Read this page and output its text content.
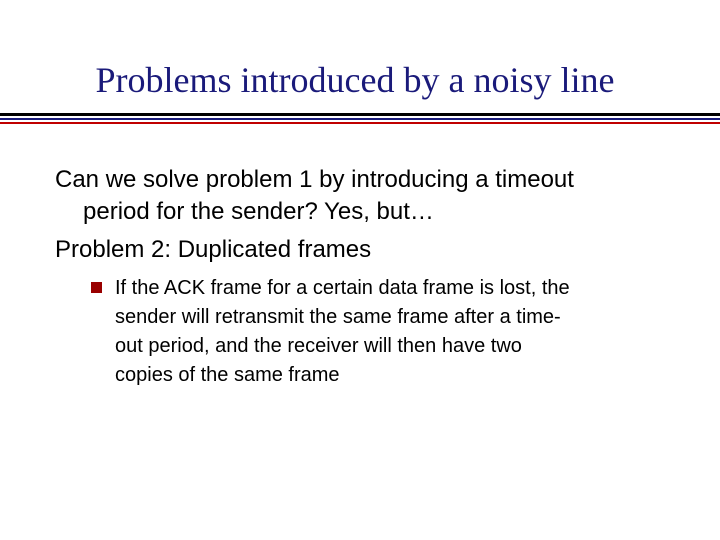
Problems introduced by a noisy line
Can we solve problem 1 by introducing a timeout
period for the sender? Yes, but…
Problem 2: Duplicated frames
If the ACK frame for a certain data frame is lost, the
sender will retransmit the same frame after a time-
out period, and the receiver will then have two
copies of the same frame
